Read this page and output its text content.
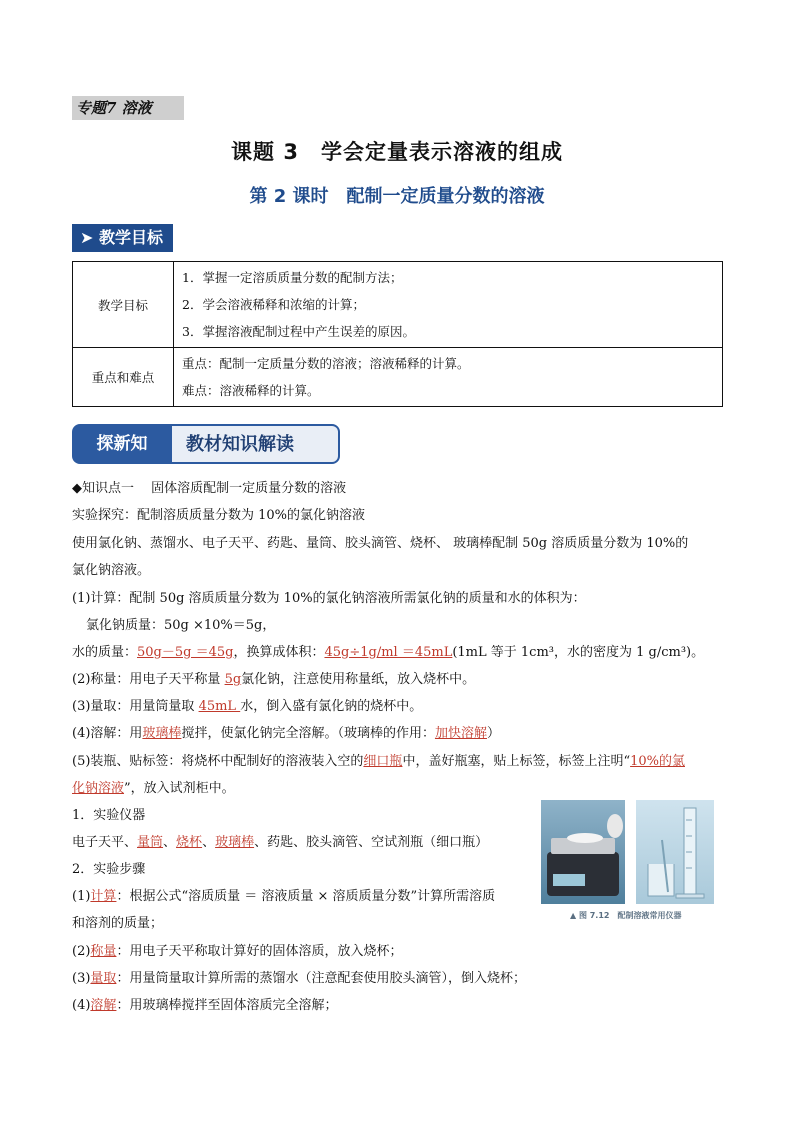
专题7 溶液
课题 3　学会定量表示溶液的组成
第 2 课时　配制一定质量分数的溶液
➤ 教学目标
教学目标	1．掌握一定溶质质量分数的配制方法；
2．学会溶液稀释和浓缩的计算；
3．掌握溶液配制过程中产生误差的原因。

重点和难点	重点：配制一定质量分数的溶液；溶液稀释的计算。
难点：溶液稀释的计算。
探新知	教材知识解读
◆知识点一　 固体溶质配制一定质量分数的溶液
实验探究：配制溶质质量分数为 10%的氯化钠溶液
使用氯化钠、蒸馏水、电子天平、药匙、量筒、胶头滴管、烧杯、 玻璃棒配制 50g 溶质质量分数为 10%的
氯化钠溶液。
(1)计算：配制 50g 溶质质量分数为 10%的氯化钠溶液所需氯化钠的质量和水的体积为：
氯化钠质量：50g ×10%＝5g，
水的质量：50g－5g ＝45g，换算成体积：45g÷1g/ml ＝45mL(1mL 等于 1cm³，水的密度为 1 g/cm³)。
(2)称量：用电子天平称量 5g氯化钠，注意使用称量纸，放入烧杯中。
(3)量取：用量筒量取 45mL 水，倒入盛有氯化钠的烧杯中。
(4)溶解：用玻璃棒搅拌，使氯化钠完全溶解。（玻璃棒的作用：加快溶解）
(5)装瓶、贴标签：将烧杯中配制好的溶液装入空的细口瓶中，盖好瓶塞，贴上标签，标签上注明“10%的氯
化钠溶液”，放入试剂柜中。
1．实验仪器
电子天平、量筒、烧杯、玻璃棒、药匙、胶头滴管、空试剂瓶（细口瓶）
2．实验步骤
(1)计算：根据公式“溶质质量 ＝ 溶液质量 × 溶质质量分数”计算所需溶质
和溶剂的质量；
(2)称量：用电子天平称取计算好的固体溶质，放入烧杯；
(3)量取：用量筒量取计算所需的蒸馏水（注意配套使用胶头滴管），倒入烧杯；
(4)溶解：用玻璃棒搅拌至固体溶质完全溶解；
▲ 图 7.12　配制溶液常用仪器
